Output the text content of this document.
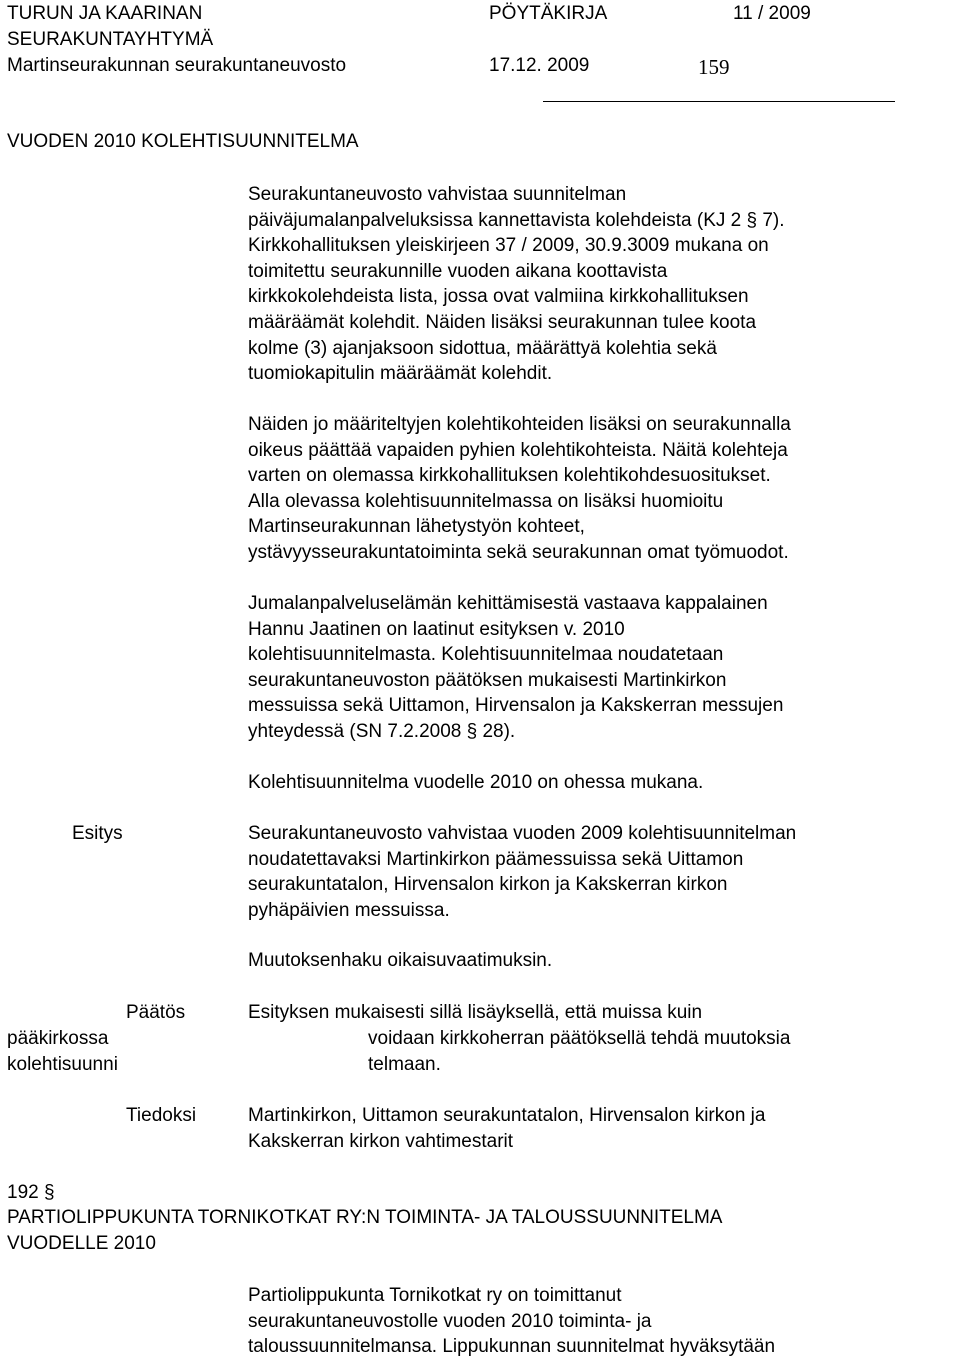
TURUN JA KAARINAN
SEURAKUNTAYHTYMÄ
Martinseurakunnan seurakuntaneuvosto
PÖYTÄKIRJA	11 / 2009
17.12. 2009	159
VUODEN 2010 KOLEHTISUUNNITELMA
Seurakuntaneuvosto vahvistaa suunnitelman
päiväjumalanpalveluksissa kannettavista kolehdeista (KJ 2 § 7).
Kirkkohallituksen yleiskirjeen 37 / 2009, 30.9.3009 mukana on
toimitettu seurakunnille vuoden aikana koottavista
kirkkokolehdeista lista, jossa ovat valmiina kirkkohallituksen
määräämät kolehdit. Näiden lisäksi seurakunnan tulee koota
kolme (3) ajanjaksoon sidottua, määrättyä kolehtia sekä
tuomiokapitulin määräämät kolehdit.
Näiden jo määriteltyjen kolehtikohteiden lisäksi on seurakunnalla
oikeus päättää vapaiden pyhien kolehtikohteista. Näitä kolehteja
varten on olemassa kirkkohallituksen kolehtikohdesuositukset.
Alla olevassa kolehtisuunnitelmassa on lisäksi huomioitu
Martinseurakunnan lähetystyön kohteet,
ystävyysseurakuntatoiminta sekä seurakunnan omat työmuodot.
Jumalanpalveluselämän kehittämisestä vastaava kappalainen
Hannu Jaatinen on laatinut esityksen v. 2010
kolehtisuunnitelmasta. Kolehtisuunnitelmaa noudatetaan
seurakuntaneuvoston päätöksen mukaisesti Martinkirkon
messuissa sekä Uittamon, Hirvensalon ja Kakskerran messujen
yhteydessä (SN 7.2.2008 § 28).
Kolehtisuunnitelma vuodelle 2010 on ohessa mukana.
Esitys	Seurakuntaneuvosto vahvistaa vuoden 2009 kolehtisuunnitelman
noudatettavaksi Martinkirkon päämessuissa sekä Uittamon
seurakuntatalon, Hirvensalon kirkon ja Kakskerran kirkon
pyhäpäivien messuissa.
Muutoksenhaku oikaisuvaatimuksin.
Päätös	Esityksen mukaisesti sillä lisäyksellä, että muissa kuin
pääkirkossa	voidaan kirkkoherran päätöksellä tehdä muutoksia
kolehtisuunni	telmaan.
Tiedoksi	Martinkirkon, Uittamon seurakuntatalon, Hirvensalon kirkon ja
Kakskerran kirkon vahtimestarit
192 §
PARTIOLIPPUKUNTA TORNIKOTKAT RY:N TOIMINTA- JA TALOUSSUUNNITELMA
VUODELLE 2010
Partiolippukunta Tornikotkat ry on toimittanut
seurakuntaneuvostolle vuoden 2010 toiminta- ja
taloussuunnitelmansa. Lippukunnan suunnitelmat hyväksytään
